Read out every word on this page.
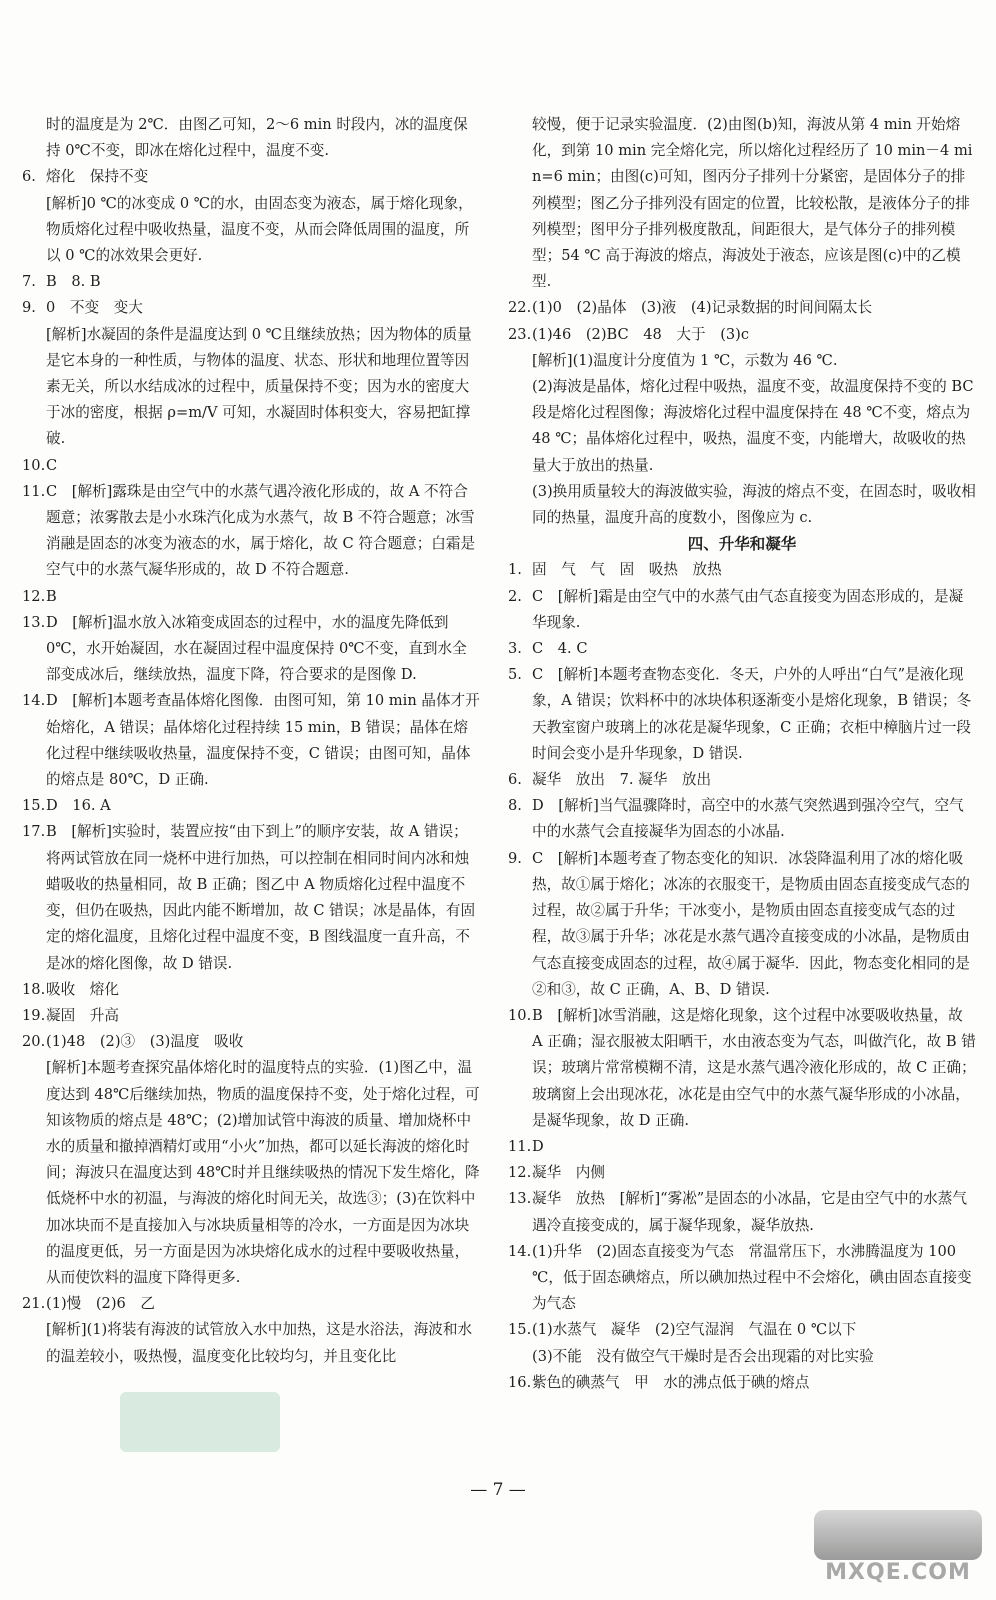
时的温度是为 2℃．由图乙可知，2～6 min 时段内，冰的温度保持 0℃不变，即冰在熔化过程中，温度不变.
6. 熔化　保持不变
[解析]0 ℃的冰变成 0 ℃的水，由固态变为液态，属于熔化现象，物质熔化过程中吸收热量，温度不变，从而会降低周围的温度，所以 0 ℃的冰效果会更好.
7. B　8. B
9. 0　不变　变大
[解析]水凝固的条件是温度达到 0 ℃且继续放热；因为物体的质量是它本身的一种性质，与物体的温度、状态、形状和地理位置等因素无关，所以水结成冰的过程中，质量保持不变；因为水的密度大于冰的密度，根据 ρ=m/V 可知，水凝固时体积变大，容易把缸撑破.
10. C
11. C　[解析]露珠是由空气中的水蒸气遇冷液化形成的，故 A 不符合题意；浓雾散去是小水珠汽化成为水蒸气，故 B 不符合题意；冰雪消融是固态的冰变为液态的水，属于熔化，故 C 符合题意；白霜是空气中的水蒸气凝华形成的，故 D 不符合题意.
12. B
13. D　[解析]温水放入冰箱变成固态的过程中，水的温度先降低到 0℃，水开始凝固，水在凝固过程中温度保持 0℃不变，直到水全部变成冰后，继续放热，温度下降，符合要求的是图像 D.
14. D　[解析]本题考查晶体熔化图像．由图可知，第 10 min 晶体才开始熔化，A 错误；晶体熔化过程持续 15 min，B 错误；晶体在熔化过程中继续吸收热量，温度保持不变，C 错误；由图可知，晶体的熔点是 80℃，D 正确.
15. D　16. A
17. B　[解析]实验时，装置应按“由下到上”的顺序安装，故 A 错误；将两试管放在同一烧杯中进行加热，可以控制在相同时间内冰和烛蜡吸收的热量相同，故 B 正确；图乙中 A 物质熔化过程中温度不变，但仍在吸热，因此内能不断增加，故 C 错误；冰是晶体，有固定的熔化温度，且熔化过程中温度不变，B 图线温度一直升高，不是冰的熔化图像，故 D 错误.
18. 吸收　熔化
19. 凝固　升高
20. (1)48　(2)③　(3)温度　吸收
[解析]本题考查探究晶体熔化时的温度特点的实验．(1)图乙中，温度达到 48℃后继续加热，物质的温度保持不变，处于熔化过程，可知该物质的熔点是 48℃；(2)增加试管中海波的质量、增加烧杯中水的质量和撤掉酒精灯或用“小火”加热，都可以延长海波的熔化时间；海波只在温度达到 48℃时并且继续吸热的情况下发生熔化，降低烧杯中水的初温，与海波的熔化时间无关，故选③；(3)在饮料中加冰块而不是直接加入与冰块质量相等的冷水，一方面是因为冰块的温度更低，另一方面是因为冰块熔化成水的过程中要吸收热量，从而使饮料的温度下降得更多.
21. (1)慢　(2)6　乙
[解析](1)将装有海波的试管放入水中加热，这是水浴法，海波和水的温差较小，吸热慢，温度变化比较均匀，并且变化比
较慢，便于记录实验温度．(2)由图(b)知，海波从第 4 min 开始熔化，到第 10 min 完全熔化完，所以熔化过程经历了 10 min－4 min=6 min；由图(c)可知，图丙分子排列十分紧密，是固体分子的排列模型；图乙分子排列没有固定的位置，比较松散，是液体分子的排列模型；图甲分子排列极度散乱，间距很大，是气体分子的排列模型；54 ℃ 高于海波的熔点，海波处于液态，应该是图(c)中的乙模型.
22. (1)0　(2)晶体　(3)液　(4)记录数据的时间间隔太长
23. (1)46　(2)BC　48　大于　(3)c
[解析](1)温度计分度值为 1 ℃，示数为 46 ℃.
(2)海波是晶体，熔化过程中吸热，温度不变，故温度保持不变的 BC 段是熔化过程图像；海波熔化过程中温度保持在 48 ℃不变，熔点为 48 ℃；晶体熔化过程中，吸热，温度不变，内能增大，故吸收的热量大于放出的热量.
(3)换用质量较大的海波做实验，海波的熔点不变，在固态时，吸收相同的热量，温度升高的度数小，图像应为 c.
四、升华和凝华
1. 固　气　气　固　吸热　放热
2. C　[解析]霜是由空气中的水蒸气由气态直接变为固态形成的，是凝华现象.
3. C　4. C
5. C　[解析]本题考查物态变化．冬天，户外的人呼出“白气”是液化现象，A 错误；饮料杯中的冰块体积逐渐变小是熔化现象，B 错误；冬天教室窗户玻璃上的冰花是凝华现象，C 正确；衣柜中樟脑片过一段时间会变小是升华现象，D 错误.
6. 凝华　放出　7. 凝华　放出
8. D　[解析]当气温骤降时，高空中的水蒸气突然遇到强冷空气，空气中的水蒸气会直接凝华为固态的小冰晶.
9. C　[解析]本题考查了物态变化的知识．冰袋降温利用了冰的熔化吸热，故①属于熔化；冰冻的衣服变干，是物质由固态直接变成气态的过程，故②属于升华；干冰变小，是物质由固态直接变成气态的过程，故③属于升华；冰花是水蒸气遇冷直接变成的小冰晶，是物质由气态直接变成固态的过程，故④属于凝华．因此，物态变化相同的是②和③，故 C 正确，A、B、D 错误.
10. B　[解析]冰雪消融，这是熔化现象，这个过程中冰要吸收热量，故 A 正确；湿衣服被太阳晒干，水由液态变为气态，叫做汽化，故 B 错误；玻璃片常常模糊不清，这是水蒸气遇冷液化形成的，故 C 正确；玻璃窗上会出现冰花，冰花是由空气中的水蒸气凝华形成的小冰晶，是凝华现象，故 D 正确.
11. D
12. 凝华　内侧
13. 凝华　放热　[解析]“雾凇”是固态的小冰晶，它是由空气中的水蒸气遇冷直接变成的，属于凝华现象，凝华放热.
14. (1)升华　(2)固态直接变为气态　常温常压下，水沸腾温度为 100 ℃，低于固态碘熔点，所以碘加热过程中不会熔化，碘由固态直接变为气态
15. (1)水蒸气　凝华　(2)空气湿润　气温在 0 ℃以下
(3)不能　没有做空气干燥时是否会出现霜的对比实验
16. 紫色的碘蒸气　甲　水的沸点低于碘的熔点
— 7 —
MXQE.COM
